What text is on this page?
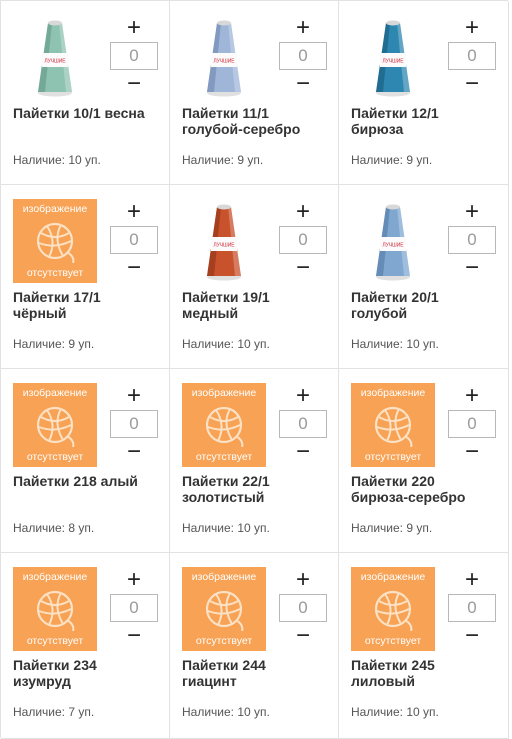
ЛУЧШИЕ
+
0
−
Пайетки 10/1 весна
Наличие: 10 уп.
ЛУЧШИЕ
+
0
−
Пайетки 11/1
голубой-серебро
Наличие: 9 уп.
ЛУЧШИЕ
+
0
−
Пайетки 12/1
бирюза
Наличие: 9 уп.
изображение
отсутствует
+
0
−
Пайетки 17/1
чёрный
Наличие: 9 уп.
ЛУЧШИЕ
+
0
−
Пайетки 19/1
медный
Наличие: 10 уп.
ЛУЧШИЕ
+
0
−
Пайетки 20/1
голубой
Наличие: 10 уп.
изображение
отсутствует
+
0
−
Пайетки 218 алый
Наличие: 8 уп.
изображение
отсутствует
+
0
−
Пайетки 22/1
золотистый
Наличие: 10 уп.
изображение
отсутствует
+
0
−
Пайетки 220
бирюза-серебро
Наличие: 9 уп.
изображение
отсутствует
+
0
−
Пайетки 234
изумруд
Наличие: 7 уп.
изображение
отсутствует
+
0
−
Пайетки 244
гиацинт
Наличие: 10 уп.
изображение
отсутствует
+
0
−
Пайетки 245
лиловый
Наличие: 10 уп.
